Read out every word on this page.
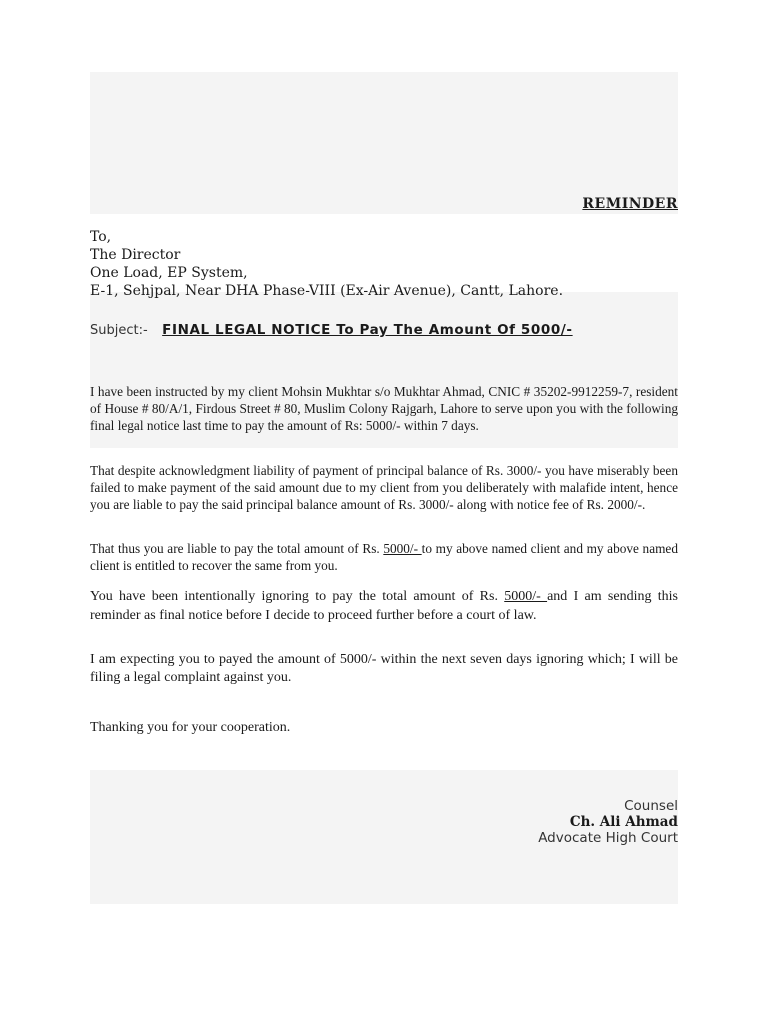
REMINDER
To,
The Director
One Load, EP System,
E-1, Sehjpal, Near DHA Phase-VIII (Ex-Air Avenue), Cantt, Lahore.
Subject:- FINAL LEGAL NOTICE To Pay The Amount Of 5000/-
I have been instructed by my client Mohsin Mukhtar s/o Mukhtar Ahmad, CNIC # 35202-9912259-7, resident of House # 80/A/1, Firdous Street # 80, Muslim Colony Rajgarh, Lahore to serve upon you with the following final legal notice last time to pay the amount of Rs: 5000/- within 7 days.
That despite acknowledgment liability of payment of principal balance of Rs. 3000/- you have miserably been failed to make payment of the said amount due to my client from you deliberately with malafide intent, hence you are liable to pay the said principal balance amount of Rs. 3000/- along with notice fee of Rs. 2000/-.
That thus you are liable to pay the total amount of Rs. 5000/- to my above named client and my above named client is entitled to recover the same from you.
You have been intentionally ignoring to pay the total amount of Rs. 5000/- and I am sending this reminder as final notice before I decide to proceed further before a court of law.
I am expecting you to payed the amount of 5000/- within the next seven days ignoring which; I will be filing a legal complaint against you.
Thanking you for your cooperation.
Counsel
Ch. Ali Ahmad
Advocate High Court
